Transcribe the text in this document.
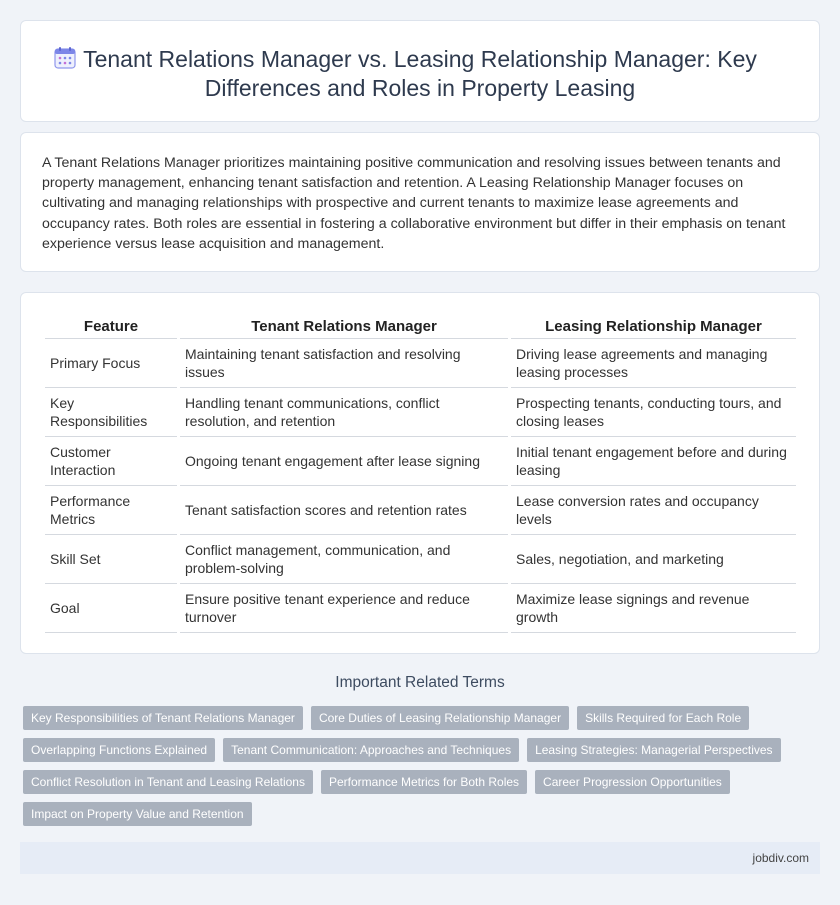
Tenant Relations Manager vs. Leasing Relationship Manager: Key Differences and Roles in Property Leasing

A Tenant Relations Manager prioritizes maintaining positive communication and resolving issues between tenants and property management, enhancing tenant satisfaction and retention. A Leasing Relationship Manager focuses on cultivating and managing relationships with prospective and current tenants to maximize lease agreements and occupancy rates. Both roles are essential in fostering a collaborative environment but differ in their emphasis on tenant experience versus lease acquisition and management.

Feature	Tenant Relations Manager	Leasing Relationship Manager
Primary Focus	Maintaining tenant satisfaction and resolving issues	Driving lease agreements and managing leasing processes
Key Responsibilities	Handling tenant communications, conflict resolution, and retention	Prospecting tenants, conducting tours, and closing leases
Customer Interaction	Ongoing tenant engagement after lease signing	Initial tenant engagement before and during leasing
Performance Metrics	Tenant satisfaction scores and retention rates	Lease conversion rates and occupancy levels
Skill Set	Conflict management, communication, and problem-solving	Sales, negotiation, and marketing
Goal	Ensure positive tenant experience and reduce turnover	Maximize lease signings and revenue growth
Important Related Terms
Key Responsibilities of Tenant Relations Manager	Core Duties of Leasing Relationship Manager	Skills Required for Each Role
Overlapping Functions Explained	Tenant Communication: Approaches and Techniques	Leasing Strategies: Managerial Perspectives
Conflict Resolution in Tenant and Leasing Relations	Performance Metrics for Both Roles	Career Progression Opportunities
Impact on Property Value and Retention
jobdiv.com
